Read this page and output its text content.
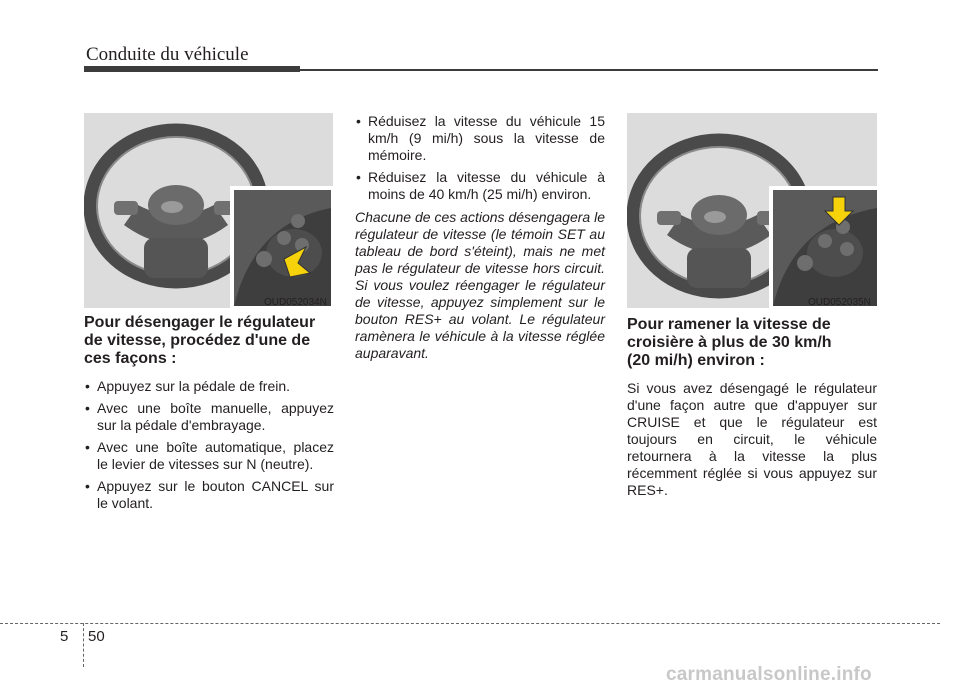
Conduite du véhicule
OUD052034N
Pour désengager le régulateur
de vitesse, procédez d'une de
ces façons :
• Appuyez sur la pédale de frein.
• Avec une boîte manuelle, appuyez sur la pédale d'embrayage.
• Avec une boîte automatique, placez le levier de vitesses sur N (neutre).
• Appuyez sur le bouton CANCEL sur le volant.
• Réduisez la vitesse du véhicule 15 km/h (9 mi/h) sous la vitesse de mémoire.
• Réduisez la vitesse du véhicule à moins de 40 km/h (25 mi/h) environ.

Chacune de ces actions désengagera le régulateur de vitesse (le témoin SET au tableau de bord s'éteint), mais ne met pas le régulateur de vitesse hors circuit. Si vous voulez réengager le régulateur de vitesse, appuyez simplement sur le bouton RES+ au volant. Le régulateur ramènera le véhicule à la vitesse réglée auparavant.

OUD052035N
Pour ramener la vitesse de
croisière à plus de 30 km/h
(20 mi/h) environ :

Si vous avez désengagé le régulateur d'une façon autre que d'appuyer sur CRUISE et que le régulateur est toujours en circuit, le véhicule retournera à la vitesse la plus récemment réglée si vous appuyez sur RES+.

5 50
carmanualsonline.info
